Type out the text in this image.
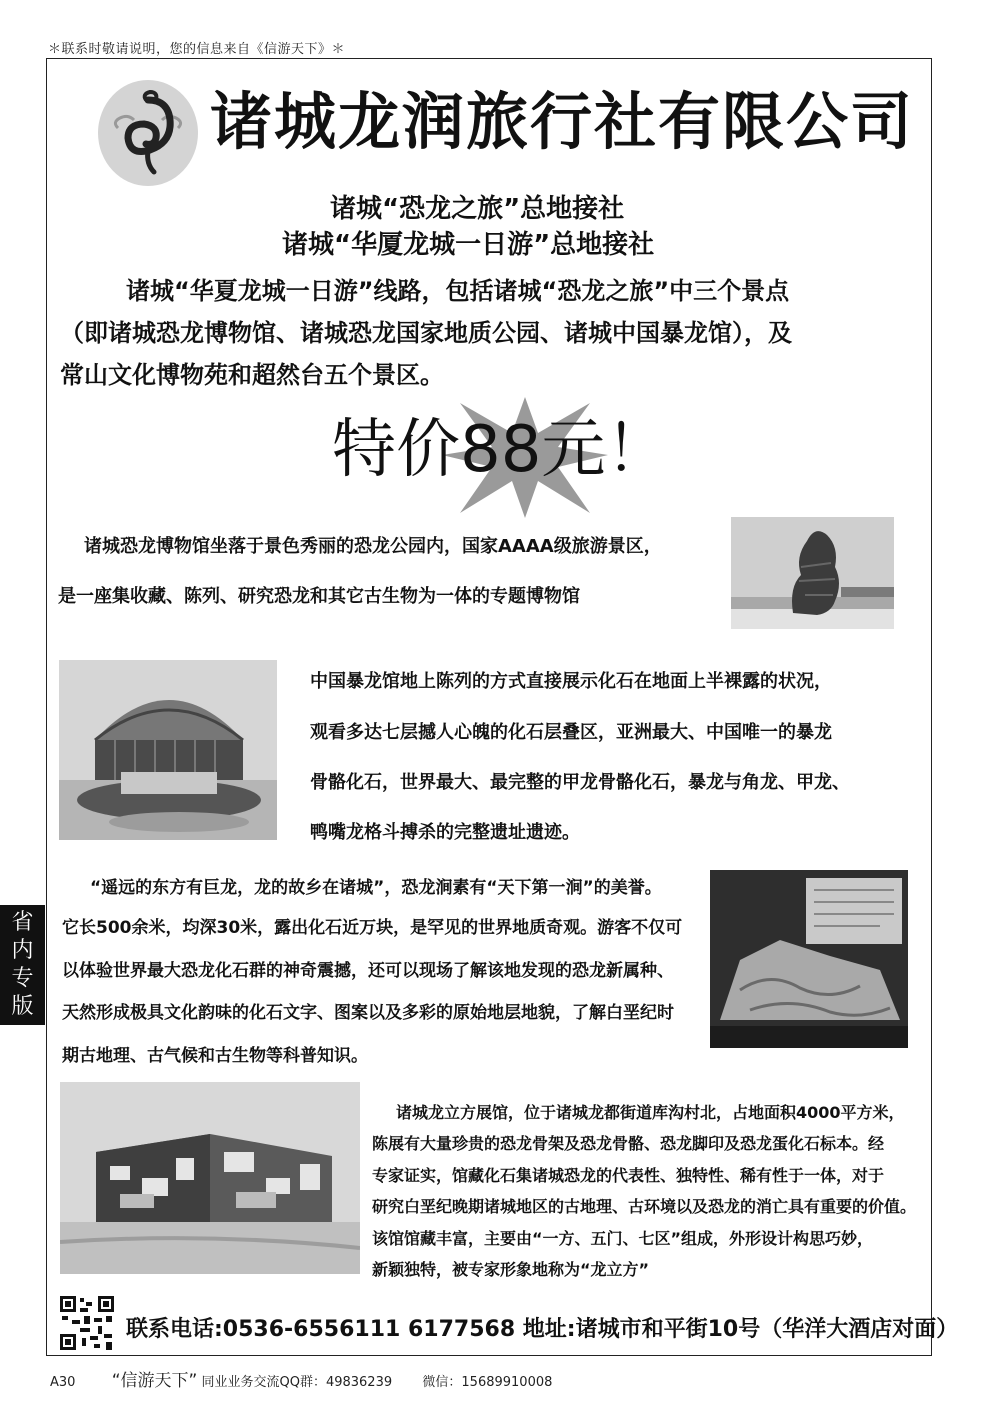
＊联系时敬请说明，您的信息来自《信游天下》＊
诸城龙润旅行社有限公司
诸城“恐龙之旅”总地接社
诸城“华厦龙城一日游”总地接社
诸城“华夏龙城一日游”线路，包括诸城“恐龙之旅”中三个景点
（即诸城恐龙博物馆、诸城恐龙国家地质公园、诸城中国暴龙馆），及
常山文化博物苑和超然台五个景区。
特价88元！
诸城恐龙博物馆坐落于景色秀丽的恐龙公园内，国家AAAA级旅游景区，
是一座集收藏、陈列、研究恐龙和其它古生物为一体的专题博物馆
中国暴龙馆地上陈列的方式直接展示化石在地面上半裸露的状况，
观看多达七层撼人心魄的化石层叠区，亚洲最大、中国唯一的暴龙
骨骼化石，世界最大、最完整的甲龙骨骼化石，暴龙与角龙、甲龙、
鸭嘴龙格斗搏杀的完整遗址遗迹。
“遥远的东方有巨龙，龙的故乡在诸城”，恐龙涧素有“天下第一涧”的美誉。
它长500余米，均深30米，露出化石近万块，是罕见的世界地质奇观。游客不仅可
以体验世界最大恐龙化石群的神奇震撼，还可以现场了解该地发现的恐龙新属种、
天然形成极具文化韵味的化石文字、图案以及多彩的原始地层地貌，了解白垩纪时
期古地理、古气候和古生物等科普知识。
省
内
专
版
诸城龙立方展馆，位于诸城龙都街道库沟村北，占地面积4000平方米，
陈展有大量珍贵的恐龙骨架及恐龙骨骼、恐龙脚印及恐龙蛋化石标本。经
专家证实，馆藏化石集诸城恐龙的代表性、独特性、稀有性于一体，对于
研究白垩纪晚期诸城地区的古地理、古环境以及恐龙的消亡具有重要的价值。
该馆馆藏丰富，主要由“一方、五门、七区”组成，外形设计构思巧妙，
新颖独特，被专家形象地称为“龙立方”
联系电话:0536-6556111 6177568 地址:诸城市和平街10号（华洋大酒店对面）
A30 “信游天下” 同业业务交流QQ群：49836239 微信：15689910008
